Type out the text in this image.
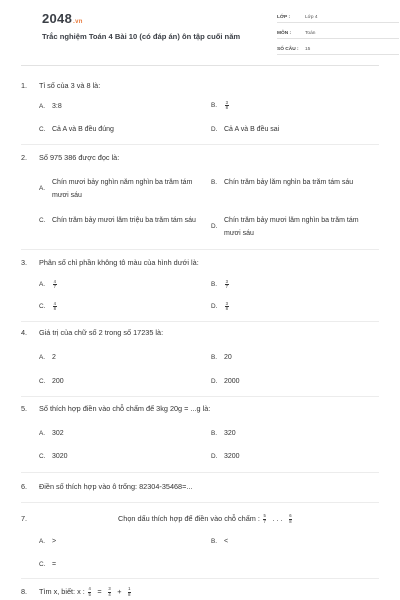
2048.vn
Trắc nghiệm Toán 4 Bài 10 (có đáp án) ôn tập cuối năm
LỚP :	Lớp 4
MÔN :	Toán
SỐ CÂU :	15
1.	Tỉ số của 3 và 8 là:
A. 3:8	B.	$\frac{3}{8}$
C. Cả A và B đều đúng	D. Cả A và B đều sai
2.	Số 975 386 được đọc là:
A.
Chín mươi bảy nghìn năm nghìn ba trăm tám mươi sáu
B. Chín trăm bảy lăm nghìn ba trăm tám sáu
C. Chín trăm bảy mươi lăm triệu ba trăm tám sáu
D.
Chín trăm bảy mươi lăm nghìn ba trăm tám mươi sáu
3.	Phân số chỉ phần không tô màu của hình dưới là:
A.	$\frac{4}{7}$	B.	$\frac{3}{7}$
C.	$\frac{4}{8}$	D.	$\frac{3}{8}$
4.	Giá trị của chữ số 2 trong số 17235 là:
A. 2	B. 20
C. 200	D. 2000
5.	Số thích hợp điền vào chỗ chấm để 3kg 20g = ...g là:
A. 302	B. 320
C. 3020	D. 3200
6.	Điền số thích hợp vào ô trống: 82304-35468=...
7.	Chọn dấu thích hợp để điền vào chỗ chấm : $\frac{5}{7}$ . . . $\frac{6}{8}$
A. >	B. <
C. =
8.	Tìm x, biết: x : $\frac{4}{5} = \frac{3}{4} + \frac{1}{8}$
